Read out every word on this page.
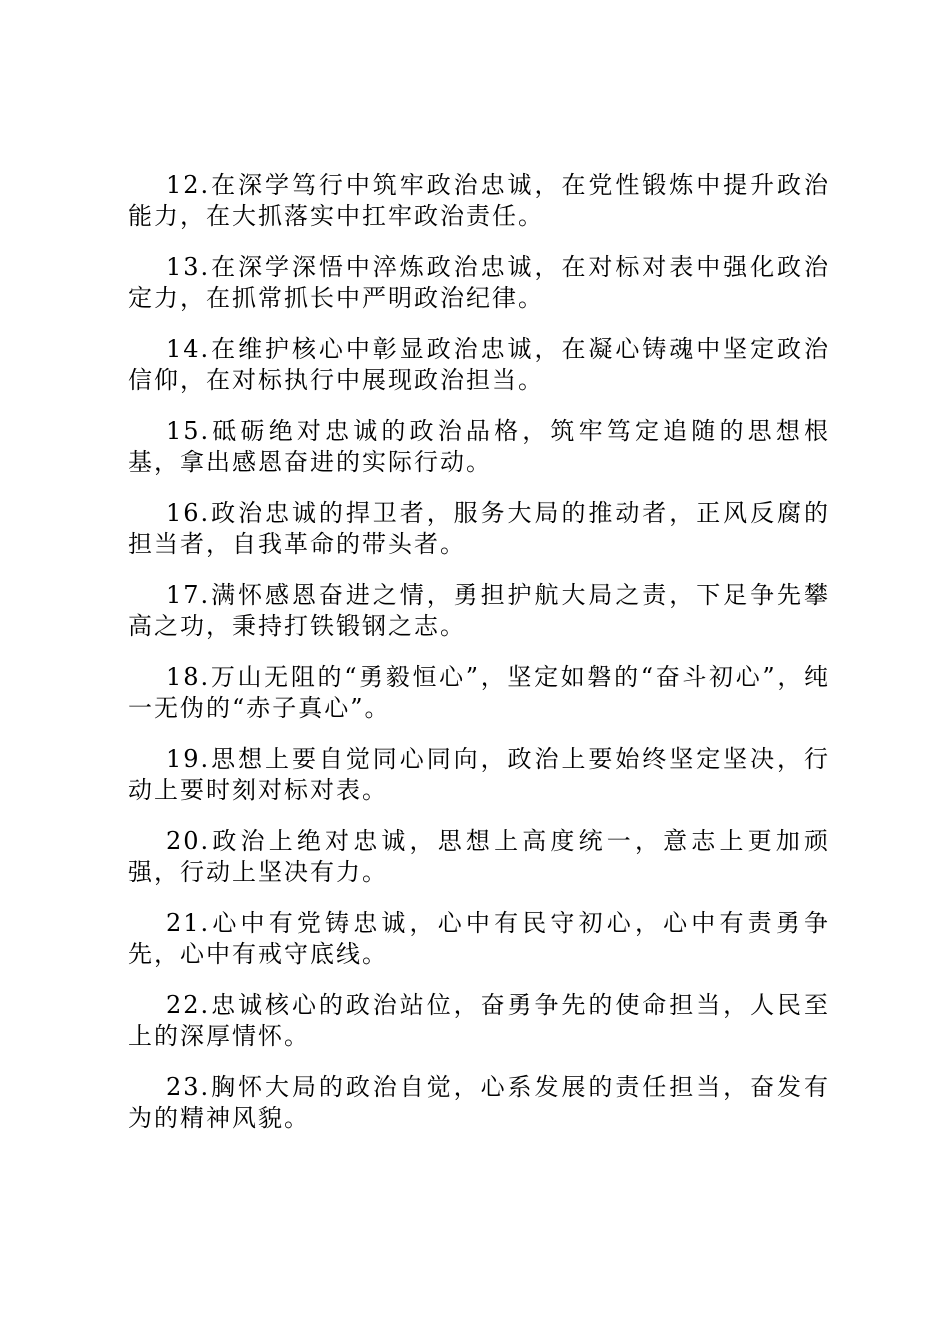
12.在深学笃行中筑牢政治忠诚，在党性锻炼中提升政治能力，在大抓落实中扛牢政治责任。

13.在深学深悟中淬炼政治忠诚，在对标对表中强化政治定力，在抓常抓长中严明政治纪律。

14.在维护核心中彰显政治忠诚，在凝心铸魂中坚定政治信仰，在对标执行中展现政治担当。

15.砥砺绝对忠诚的政治品格，筑牢笃定追随的思想根基，拿出感恩奋进的实际行动。

16.政治忠诚的捍卫者，服务大局的推动者，正风反腐的担当者，自我革命的带头者。

17.满怀感恩奋进之情，勇担护航大局之责，下足争先攀高之功，秉持打铁锻钢之志。

18.万山无阻的“勇毅恒心”，坚定如磐的“奋斗初心”，纯一无伪的“赤子真心”。

19.思想上要自觉同心同向，政治上要始终坚定坚决，行动上要时刻对标对表。

20.政治上绝对忠诚，思想上高度统一，意志上更加顽强，行动上坚决有力。

21.心中有党铸忠诚，心中有民守初心，心中有责勇争先，心中有戒守底线。

22.忠诚核心的政治站位，奋勇争先的使命担当，人民至上的深厚情怀。

23.胸怀大局的政治自觉，心系发展的责任担当，奋发有为的精神风貌。
